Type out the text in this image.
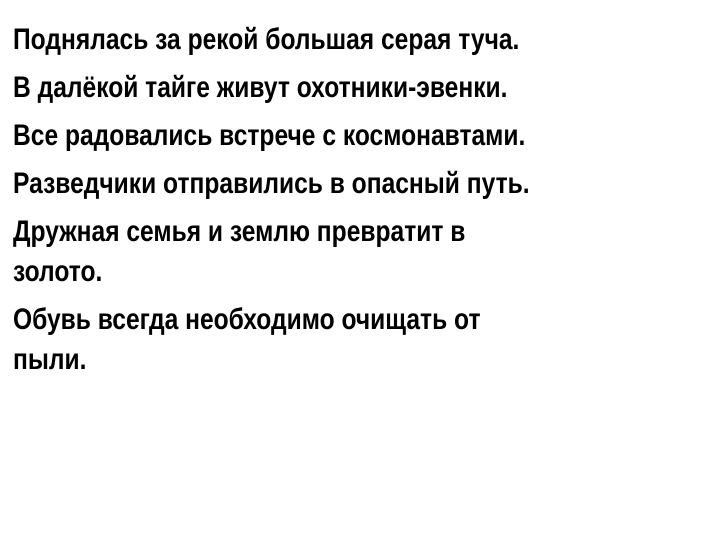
Поднялась за рекой большая серая туча.
В далёкой тайге живут охотники-эвенки.
Все радовались встрече с космонавтами.
Разведчики отправились в опасный путь.
Дружная семья и землю превратит в
золото.
Обувь всегда необходимо очищать от
пыли.
